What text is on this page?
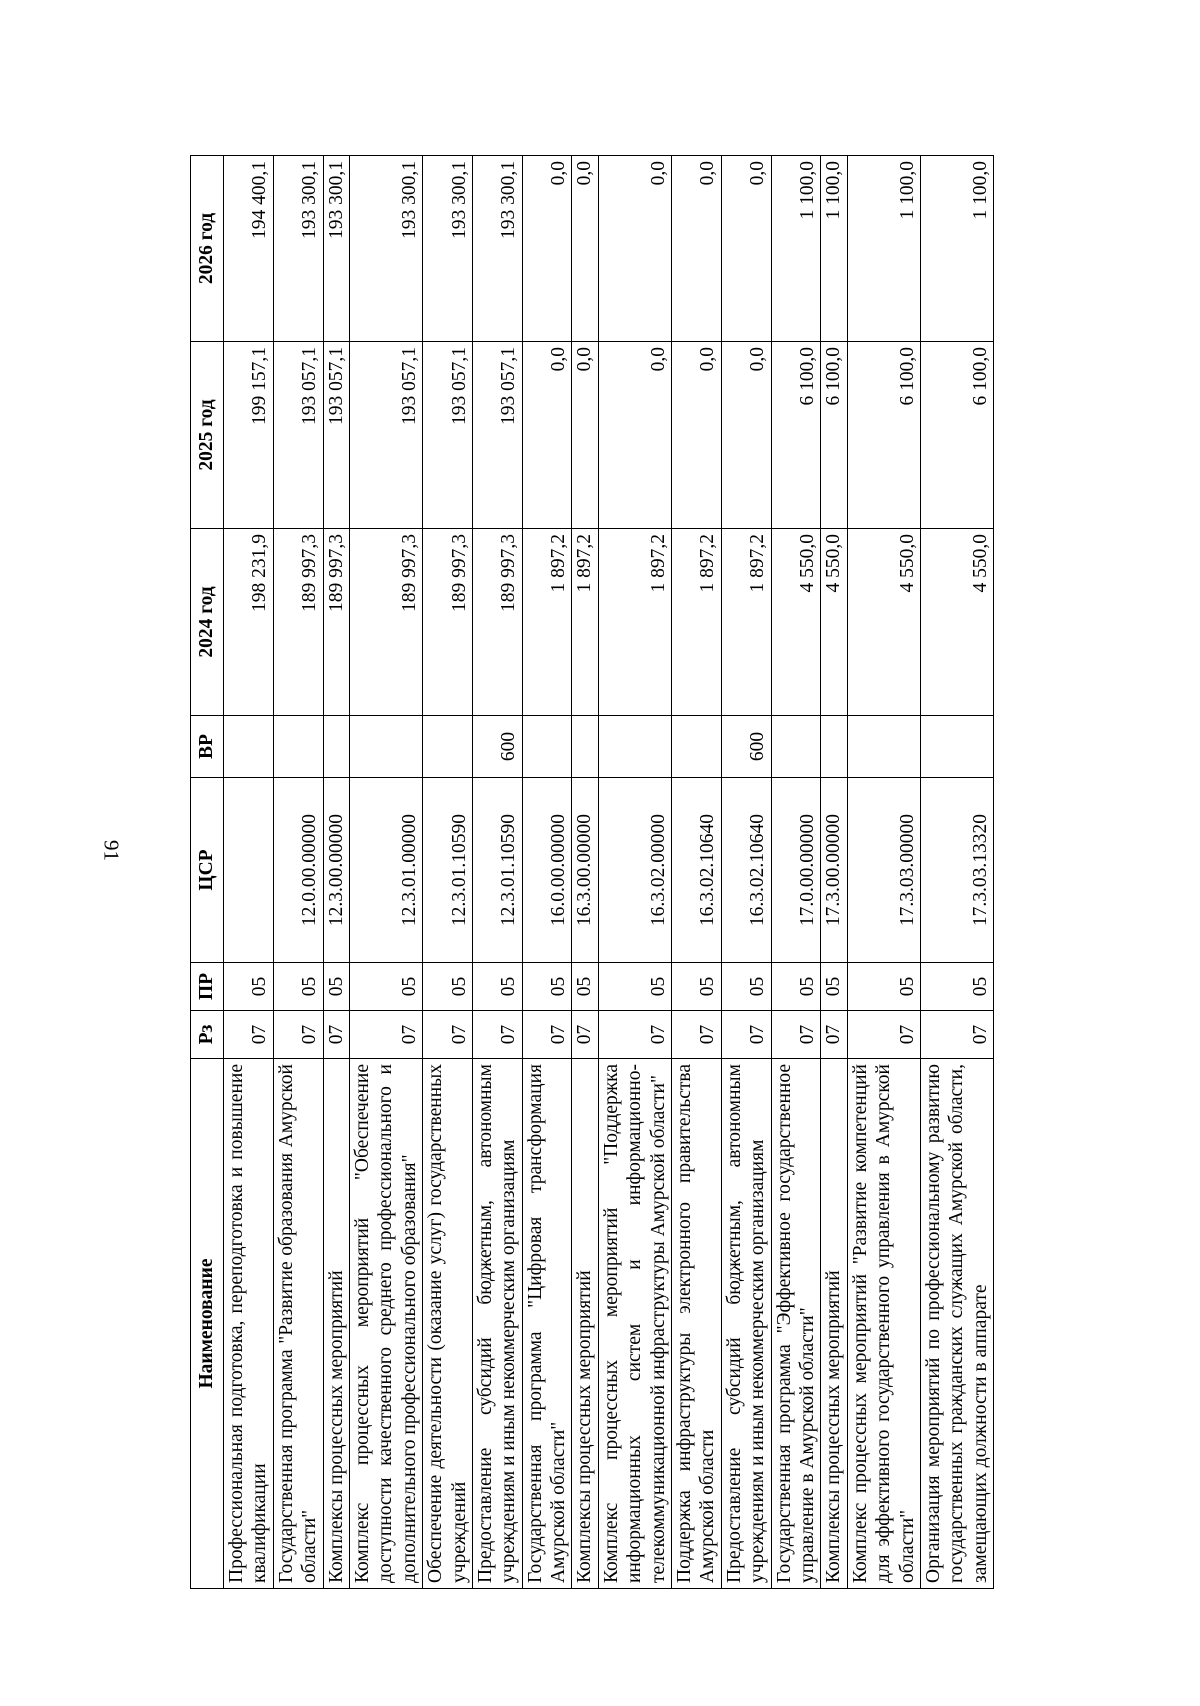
91
Наименование	Рз	ПР	ЦСР	ВР	2024 год	2025 год	2026 год
Профессиональная подготовка, переподготовка и повышение квалификации	07	05			198 231,9	199 157,1	194 400,1
Государственная программа "Развитие образования Амурской области"	07	05	12.0.00.00000		189 997,3	193 057,1	193 300,1
Комплексы процессных мероприятий	07	05	12.3.00.00000		189 997,3	193 057,1	193 300,1
Комплекс процессных мероприятий "Обеспечение доступности качественного среднего профессионального и дополнительного профессионального образования"	07	05	12.3.01.00000		189 997,3	193 057,1	193 300,1
Обеспечение деятельности (оказание услуг) государственных учреждений	07	05	12.3.01.10590		189 997,3	193 057,1	193 300,1
Предоставление субсидий бюджетным, автономным учреждениям и иным некоммерческим организациям	07	05	12.3.01.10590	600	189 997,3	193 057,1	193 300,1
Государственная программа "Цифровая трансформация Амурской области"	07	05	16.0.00.00000		1 897,2	0,0	0,0
Комплексы процессных мероприятий	07	05	16.3.00.00000		1 897,2	0,0	0,0
Комплекс процессных мероприятий "Поддержка информационных систем и информационно-телекоммуникационной инфраструктуры Амурской области"	07	05	16.3.02.00000		1 897,2	0,0	0,0
Поддержка инфраструктуры электронного правительства Амурской области	07	05	16.3.02.10640		1 897,2	0,0	0,0
Предоставление субсидий бюджетным, автономным учреждениям и иным некоммерческим организациям	07	05	16.3.02.10640	600	1 897,2	0,0	0,0
Государственная программа "Эффективное государственное управление в Амурской области"	07	05	17.0.00.00000		4 550,0	6 100,0	1 100,0
Комплексы процессных мероприятий	07	05	17.3.00.00000		4 550,0	6 100,0	1 100,0
Комплекс процессных мероприятий "Развитие компетенций для эффективного государственного управления в Амурской области"	07	05	17.3.03.00000		4 550,0	6 100,0	1 100,0
Организация мероприятий по профессиональному развитию государственных гражданских служащих Амурской области, замещающих должности в аппарате	07	05	17.3.03.13320		4 550,0	6 100,0	1 100,0
